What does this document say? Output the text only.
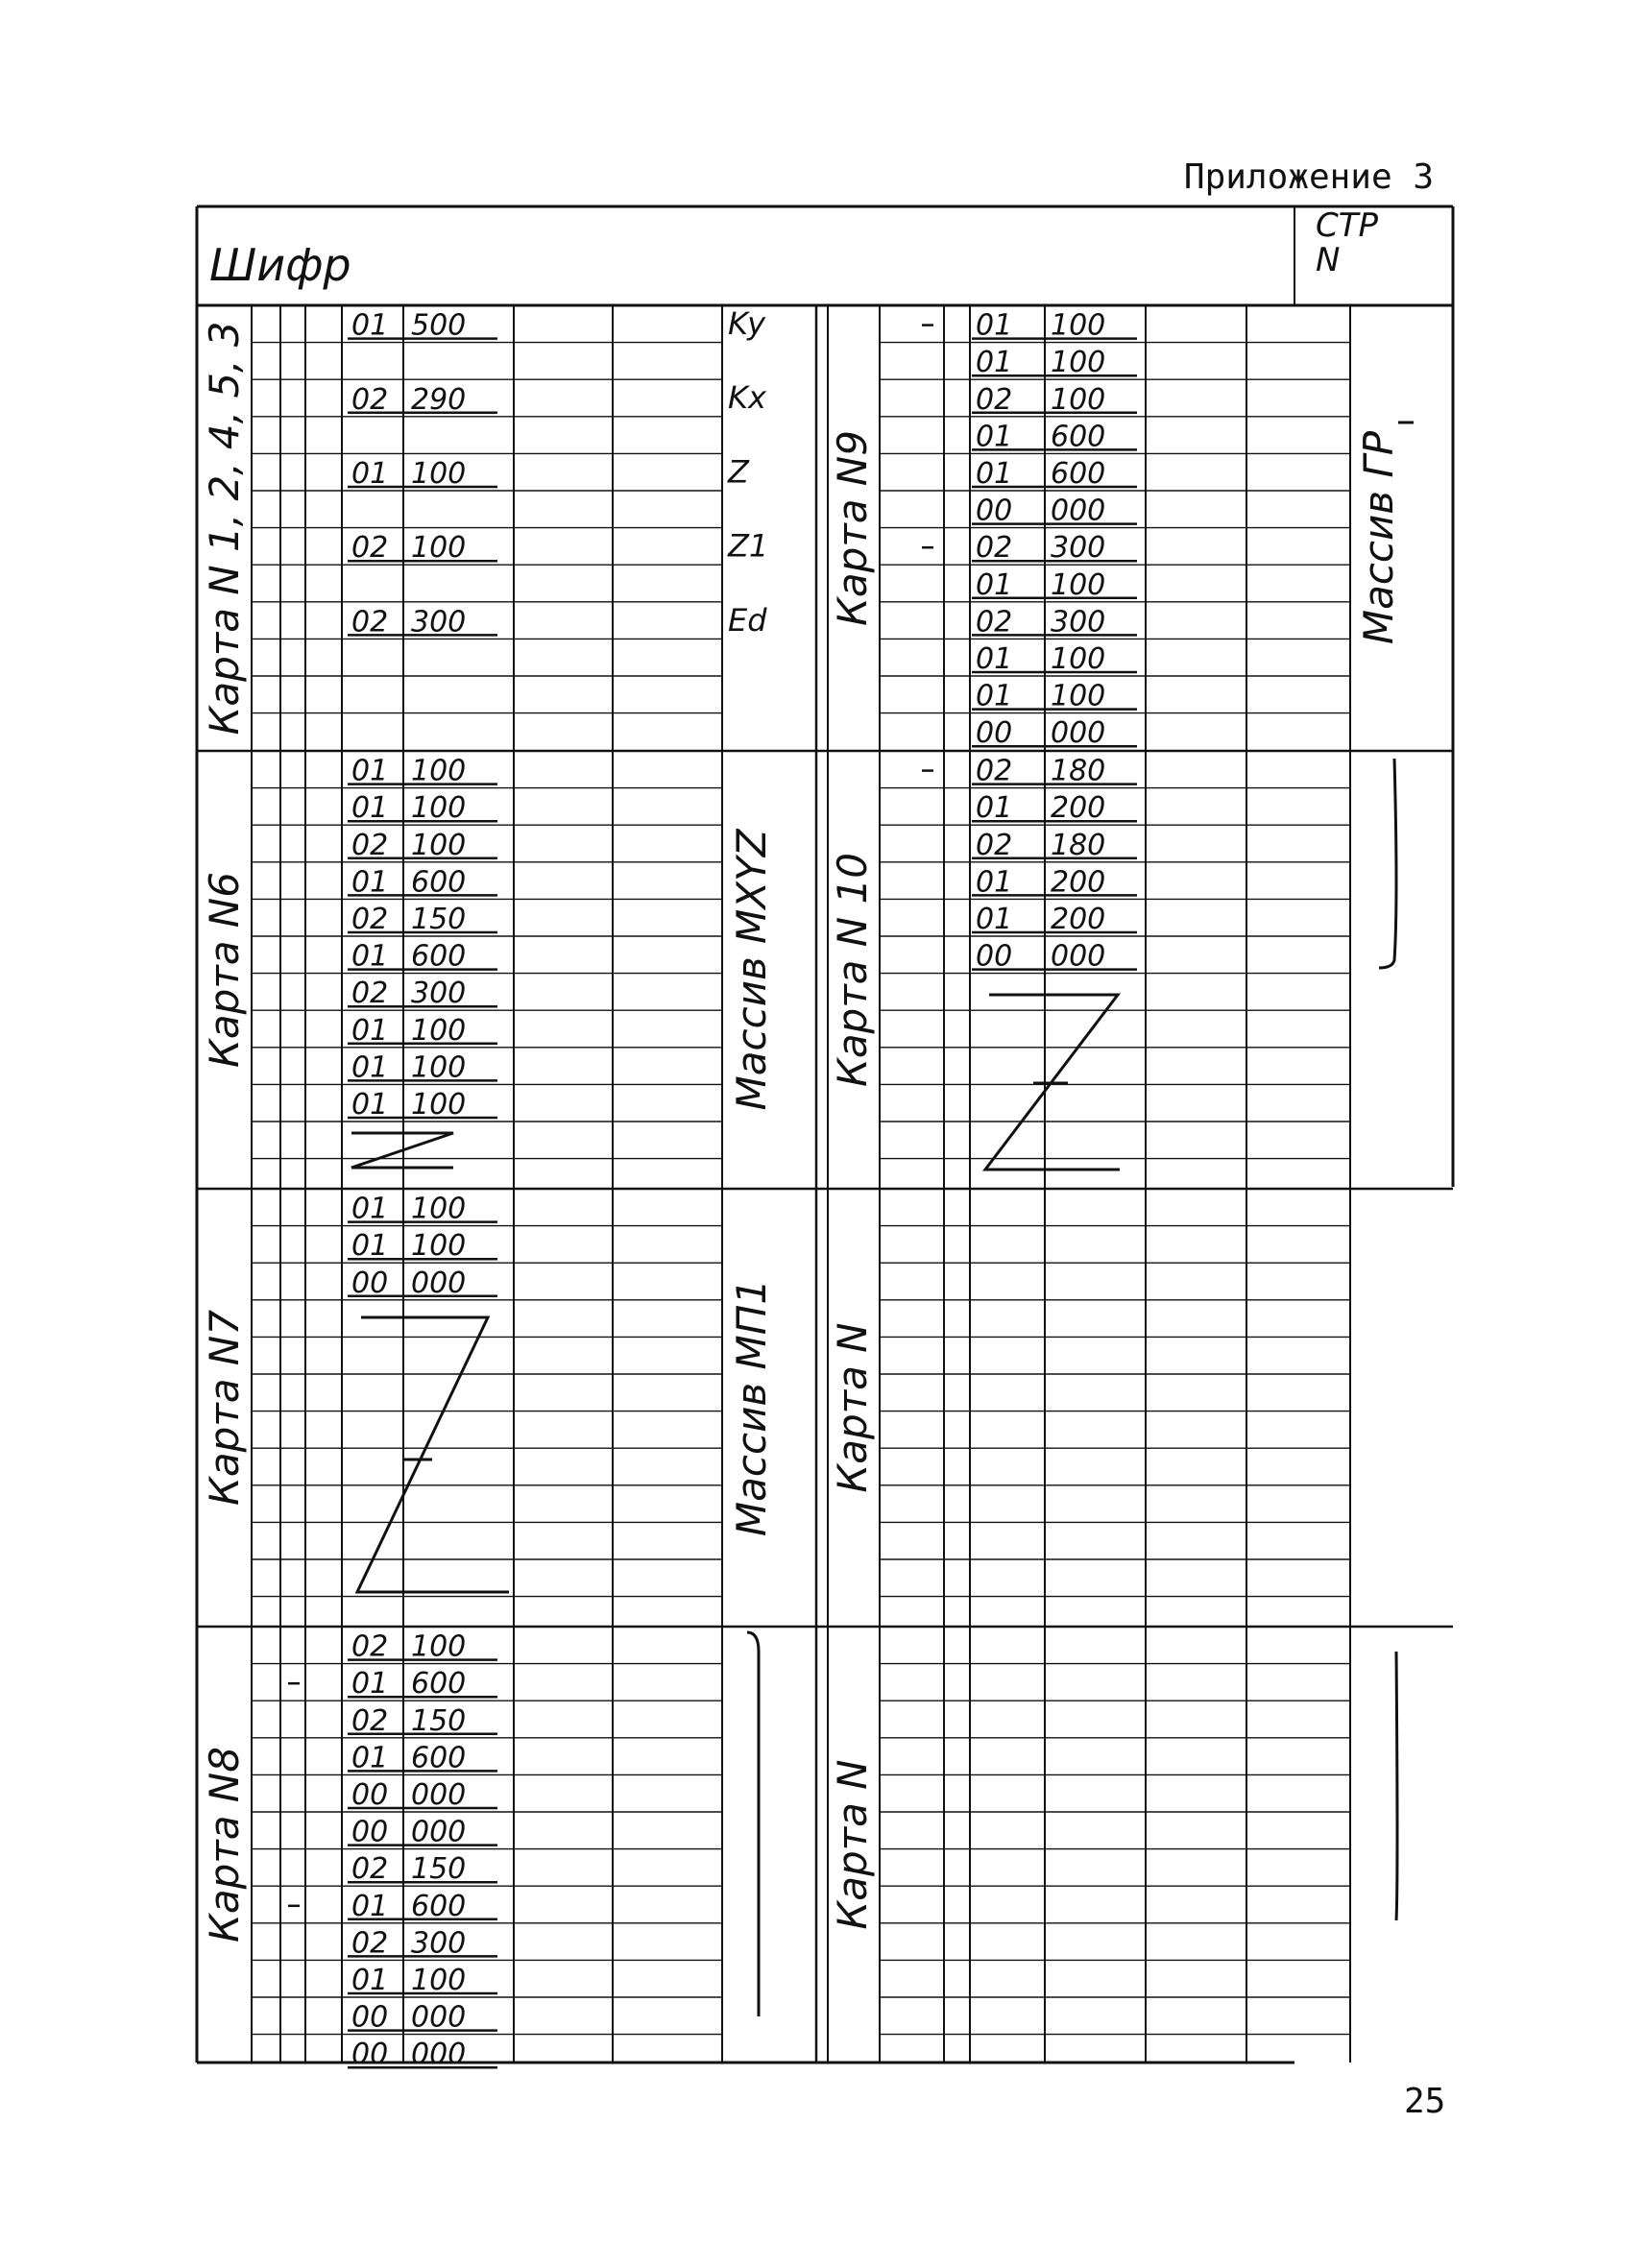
Приложение 3
Шифр
СТР
N
01 500
02 290
01 100
02 100
02 300
01 100
01 100
02 100
01 600
02 150
01 600
02 300
01 100
01 100
01 100
01 100
01 100
00 000
02 100
01 600
02 150
01 600
00 000
00 000
02 150
01 600
02 300
01 100
00 000
00 000
01 100
01 100
02 100
01 600
01 600
00 000
02 300
01 100
02 300
01 100
01 100
00 000
02 180
01 200
02 180
01 200
01 200
00 000
Карта N 1, 2, 4, 5, 3
Карта N6
Карта N7
Карта N8
Карта N9
Карта N 10
Карта N
Карта N
Массив MXYZ
Массив MП1
Массив ГР
Ky
Kx
Z
Z1
Ed
25
